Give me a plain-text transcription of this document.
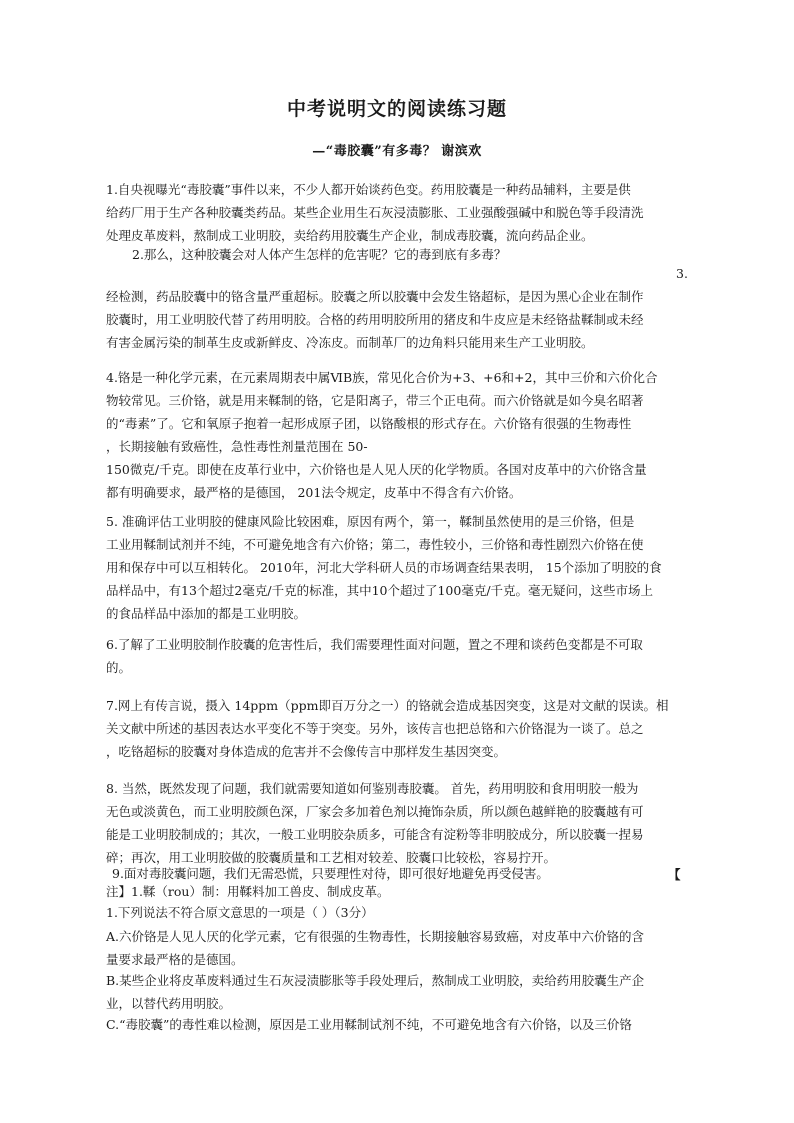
中考说明文的阅读练习题
—“毒胶囊”有多毒？ 谢滨欢

1.自央视曝光“毒胶囊”事件以来，不少人都开始谈药色变。药用胶囊是一种药品辅料，主要是供

给药厂用于生产各种胶囊类药品。某些企业用生石灰浸渍膨胀、工业强酸强碱中和脱色等手段清洗

处理皮革废料，熬制成工业明胶，卖给药用胶囊生产企业，制成毒胶囊，流向药品企业。

2.那么，这种胶囊会对人体产生怎样的危害呢？它的毒到底有多毒？

3.

经检测，药品胶囊中的铬含量严重超标。胶囊之所以胶囊中会发生铬超标，是因为黑心企业在制作

胶囊时，用工业明胶代替了药用明胶。合格的药用明胶所用的猪皮和牛皮应是未经铬盐鞣制或未经

有害金属污染的制革生皮或新鲜皮、冷冻皮。而制革厂的边角料只能用来生产工业明胶。

4.铬是一种化学元素，在元素周期表中属ⅥB族，常见化合价为+3、+6和+2，其中三价和六价化合

物较常见。三价铬，就是用来鞣制的铬，它是阳离子，带三个正电荷。而六价铬就是如今臭名昭著

的“毒素”了。它和氧原子抱着一起形成原子团，以铬酸根的形式存在。六价铬有很强的生物毒性

，长期接触有致癌性，急性毒性剂量范围在 50-

150微克/千克。即使在皮革行业中，六价铬也是人见人厌的化学物质。各国对皮革中的六价铬含量

都有明确要求，最严格的是德国， 201法令规定，皮革中不得含有六价铬。

5. 准确评估工业明胶的健康风险比较困难，原因有两个，第一，鞣制虽然使用的是三价铬，但是

工业用鞣制试剂并不纯，不可避免地含有六价铬；第二，毒性较小，三价铬和毒性剧烈六价铬在使

用和保存中可以互相转化。 2010年，河北大学科研人员的市场调查结果表明， 15个添加了明胶的食

品样品中，有13个超过2毫克/千克的标准，其中10个超过了100毫克/千克。毫无疑问，这些市场上

的食品样品中添加的都是工业明胶。

6.了解了工业明胶制作胶囊的危害性后，我们需要理性面对问题，置之不理和谈药色变都是不可取

的。

7.网上有传言说，摄入 14ppm（ppm即百万分之一）的铬就会造成基因突变，这是对文献的误读。相

关文献中所述的基因表达水平变化不等于突变。另外，该传言也把总铬和六价铬混为一谈了。总之

，吃铬超标的胶囊对身体造成的危害并不会像传言中那样发生基因突变。

8. 当然，既然发现了问题，我们就需要知道如何鉴别毒胶囊。 首先，药用明胶和食用明胶一般为

无色或淡黄色，而工业明胶颜色深，厂家会多加着色剂以掩饰杂质，所以颜色越鲜艳的胶囊越有可

能是工业明胶制成的；其次，一般工业明胶杂质多，可能含有淀粉等非明胶成分，所以胶囊一捏易

碎；再次，用工业明胶做的胶囊质量和工艺相对较差、胶囊口比较松，容易拧开。

9.面对毒胶囊问题，我们无需恐慌，只要理性对待，即可很好地避免再受侵害。	【

注】1.鞣（rou）制：用鞣料加工兽皮、制成皮革。

1.下列说法不符合原文意思的一项是（ ）（3分）

A.六价铬是人见人厌的化学元素，它有很强的生物毒性，长期接触容易致癌，对皮革中六价铬的含

量要求最严格的是德国。

B.某些企业将皮革废料通过生石灰浸渍膨胀等手段处理后，熬制成工业明胶，卖给药用胶囊生产企

业，以替代药用明胶。

C.“毒胶囊”的毒性难以检测，原因是工业用鞣制试剂不纯，不可避免地含有六价铬，以及三价铬
